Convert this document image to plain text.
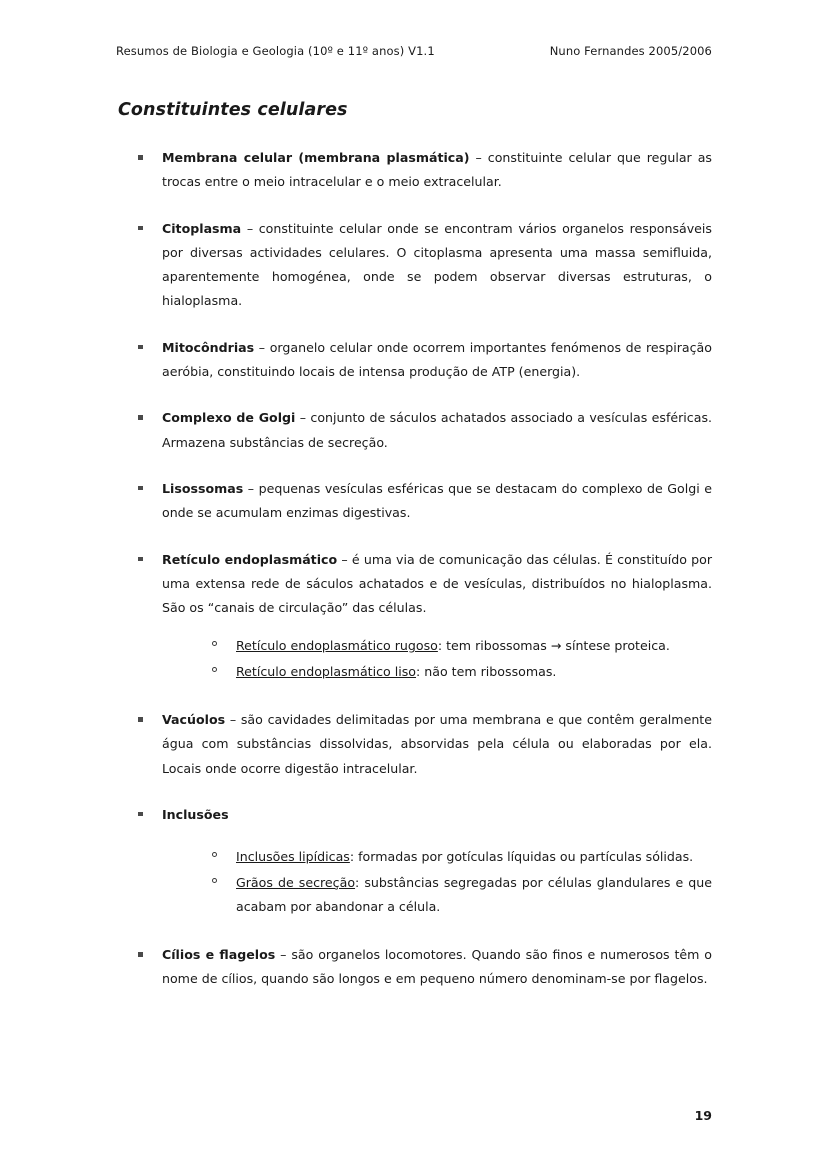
Resumos de Biologia e Geologia (10º e 11º anos) V1.1	Nuno Fernandes 2005/2006
Constituintes celulares
Membrana celular (membrana plasmática) – constituinte celular que regular as trocas entre o meio intracelular e o meio extracelular.
Citoplasma – constituinte celular onde se encontram vários organelos responsáveis por diversas actividades celulares. O citoplasma apresenta uma massa semifluida, aparentemente homogénea, onde se podem observar diversas estruturas, o hialoplasma.
Mitocôndrias – organelo celular onde ocorrem importantes fenómenos de respiração aeróbia, constituindo locais de intensa produção de ATP (energia).
Complexo de Golgi – conjunto de sáculos achatados associado a vesículas esféricas. Armazena substâncias de secreção.
Lisossomas – pequenas vesículas esféricas que se destacam do complexo de Golgi e onde se acumulam enzimas digestivas.
Retículo endoplasmático – é uma via de comunicação das células. É constituído por uma extensa rede de sáculos achatados e de vesículas, distribuídos no hialoplasma. São os “canais de circulação” das células.
Retículo endoplasmático rugoso: tem ribossomas → síntese proteica.
Retículo endoplasmático liso: não tem ribossomas.
Vacúolos – são cavidades delimitadas por uma membrana e que contêm geralmente água com substâncias dissolvidas, absorvidas pela célula ou elaboradas por ela. Locais onde ocorre digestão intracelular.
Inclusões
Inclusões lipídicas: formadas por gotículas líquidas ou partículas sólidas.
Grãos de secreção: substâncias segregadas por células glandulares e que acabam por abandonar a célula.
Cílios e flagelos – são organelos locomotores. Quando são finos e numerosos têm o nome de cílios, quando são longos e em pequeno número denominam-se por flagelos.
19
